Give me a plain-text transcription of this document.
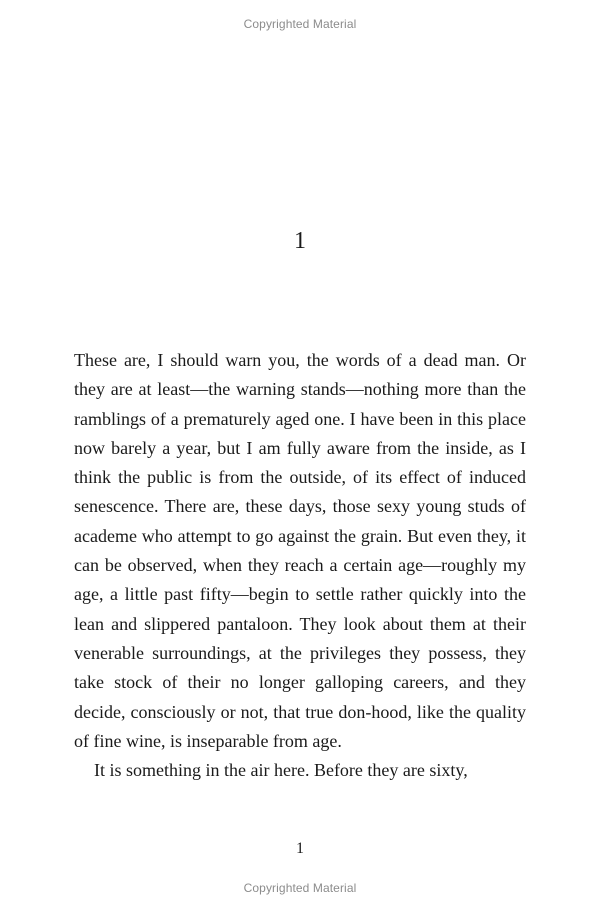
Copyrighted Material
1

These are, I should warn you, the words of a dead man. Or they are at least—the warning stands—nothing more than the ramblings of a prematurely aged one. I have been in this place now barely a year, but I am fully aware from the inside, as I think the public is from the outside, of its effect of induced senescence. There are, these days, those sexy young studs of academe who attempt to go against the grain. But even they, it can be observed, when they reach a certain age—roughly my age, a little past fifty—begin to settle rather quickly into the lean and slippered pantaloon. They look about them at their venerable surroundings, at the privileges they possess, they take stock of their no longer galloping careers, and they decide, consciously or not, that true don-hood, like the quality of fine wine, is inseparable from age.

It is something in the air here. Before they are sixty,

1
Copyrighted Material
